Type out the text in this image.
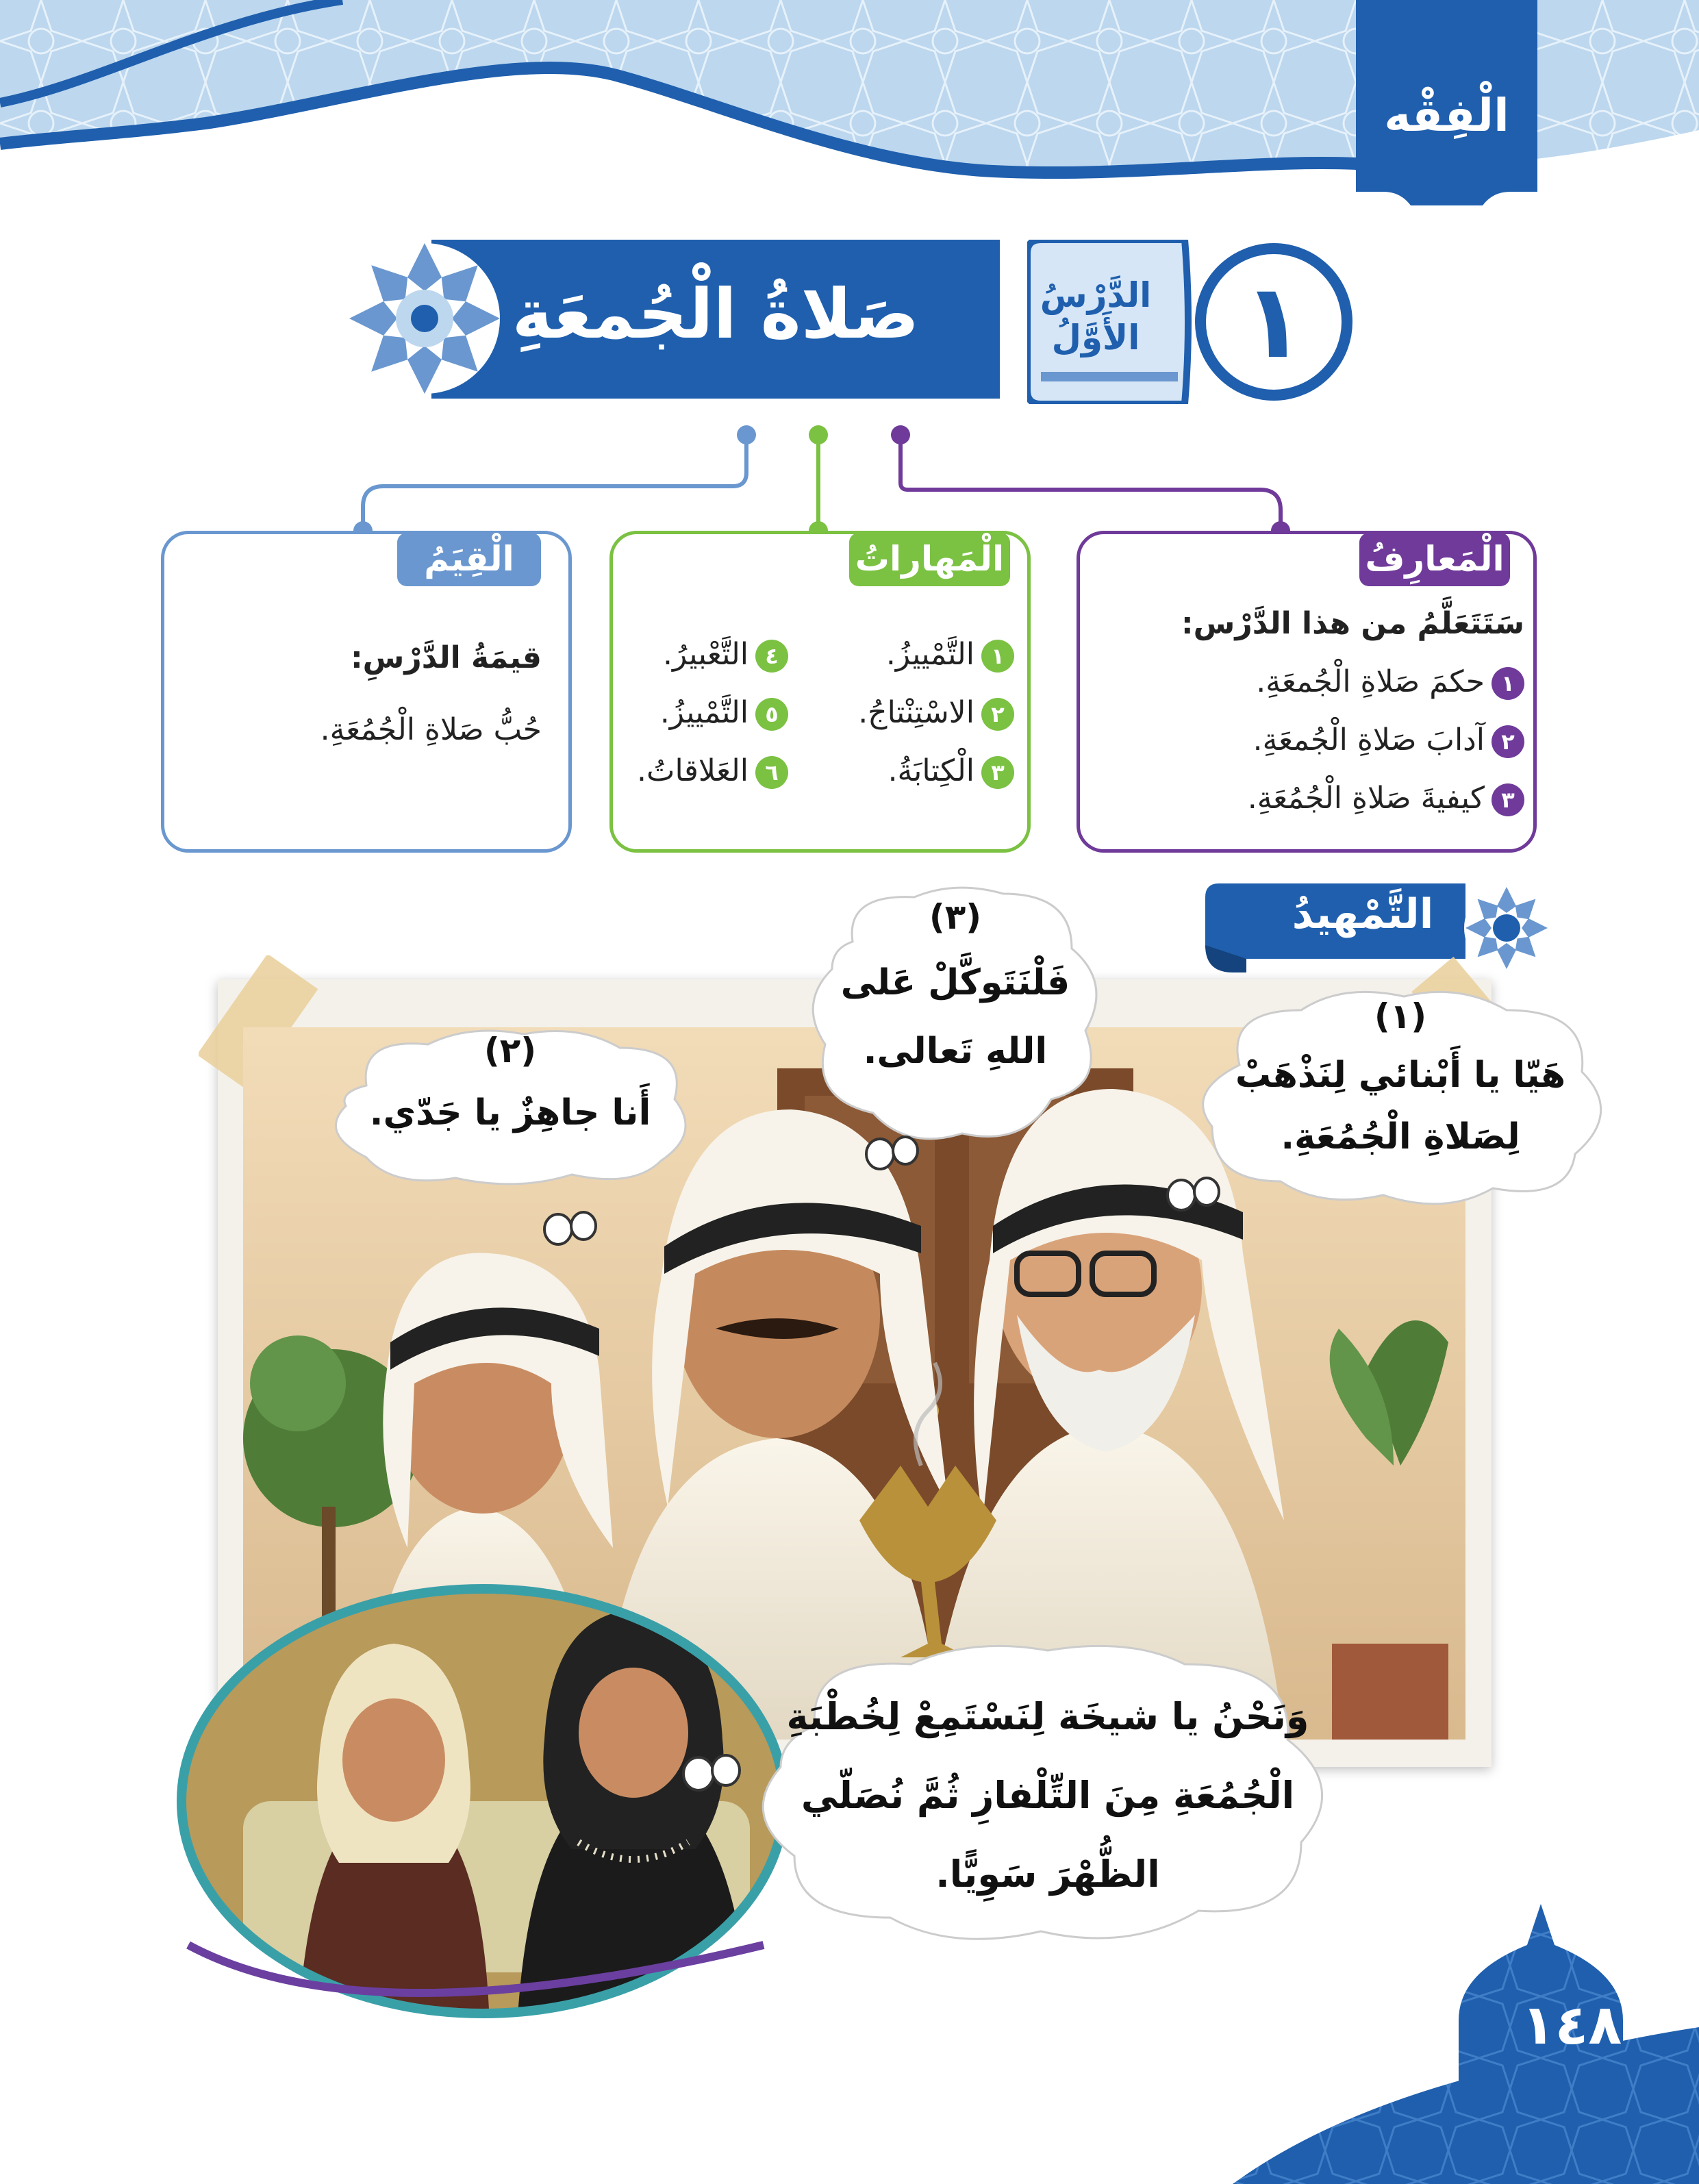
الْفِقْه
الدَّرْسُ
الأَوَّلُ ١
صَلاةُ الْجُمعَةِ
الْمَعارِفُ
سَتَتَعَلَّمُ من هذا الدَّرْس:
١حكمَ صَلاةِ الْجُمعَةِ.
٢آدابَ صَلاةِ الْجُمعَةِ.
٣كيفيةَ صَلاةِ الْجُمُعَةِ.
الْمَهاراتُ
١التَّمْييزُ.
٢الاسْتِنْتاجُ.
٣الْكِتابَةُ.
٤التَّعْبيرُ.
٥التَّمْييزُ.
٦العَلاقاتُ.
الْقِيَمُ
قيمَةُ الدَّرْسِ:
حُبُّ صَلاةِ الْجُمُعَةِ.
التَّمْهيدُ
(١)
هَيّا يا أَبْنائي لِنَذْهَبْ
لِصَلاةِ الْجُمُعَةِ.
(٢)
أَنا جاهِزٌ يا جَدّي.
(٣)
فَلْنَتَوكَّلْ عَلى
اللهِ تَعالى.
وَنَحْنُ يا شيخَة لِنَسْتَمِعْ لِخُطْبَةِ
الْجُمُعَةِ مِنَ التِّلْفازِ ثُمَّ نُصَلّي
الظُّهْرَ سَوِيًّا.
١٤٨
